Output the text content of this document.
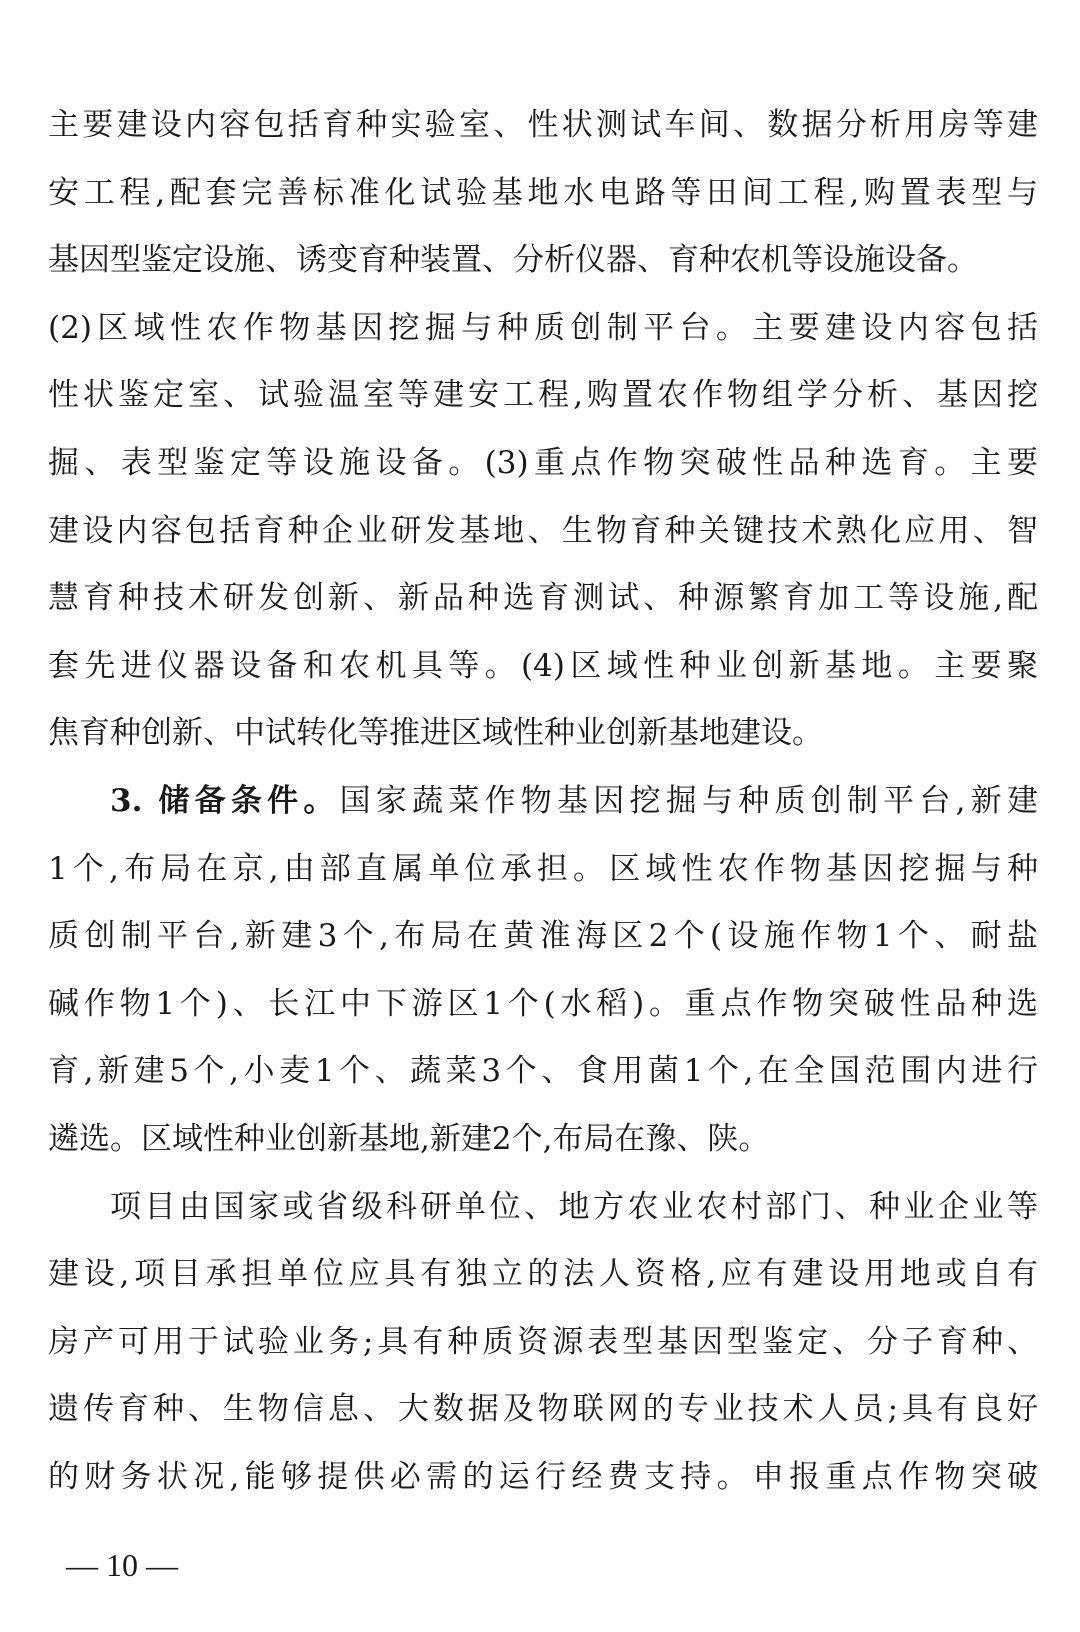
主要建设内容包括育种实验室、性状测试车间、数据分析用房等建
安工程,配套完善标准化试验基地水电路等田间工程,购置表型与
基因型鉴定设施、诱变育种装置、分析仪器、育种农机等设施设备。
(2)区域性农作物基因挖掘与种质创制平台。主要建设内容包括
性状鉴定室、试验温室等建安工程,购置农作物组学分析、基因挖
掘、表型鉴定等设施设备。(3)重点作物突破性品种选育。主要
建设内容包括育种企业研发基地、生物育种关键技术熟化应用、智
慧育种技术研发创新、新品种选育测试、种源繁育加工等设施,配
套先进仪器设备和农机具等。(4)区域性种业创新基地。主要聚
焦育种创新、中试转化等推进区域性种业创新基地建设。
3. 储备条件。国家蔬菜作物基因挖掘与种质创制平台,新建
1个,布局在京,由部直属单位承担。区域性农作物基因挖掘与种
质创制平台,新建3个,布局在黄淮海区2个(设施作物1个、耐盐
碱作物1个)、长江中下游区1个(水稻)。重点作物突破性品种选
育,新建5个,小麦1个、蔬菜3个、食用菌1个,在全国范围内进行
遴选。区域性种业创新基地,新建2个,布局在豫、陕。
项目由国家或省级科研单位、地方农业农村部门、种业企业等
建设,项目承担单位应具有独立的法人资格,应有建设用地或自有
房产可用于试验业务;具有种质资源表型基因型鉴定、分子育种、
遗传育种、生物信息、大数据及物联网的专业技术人员;具有良好
的财务状况,能够提供必需的运行经费支持。申报重点作物突破
— 10 —
